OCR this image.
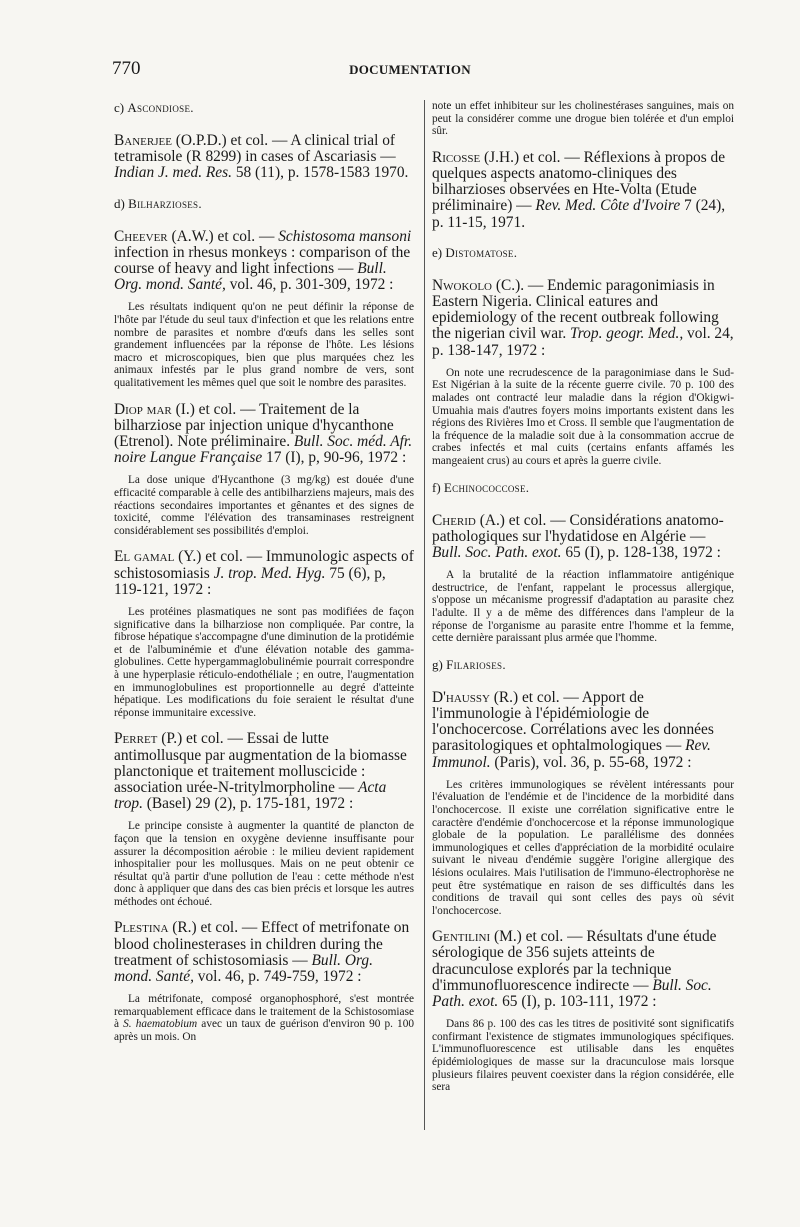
770	DOCUMENTATION
c) Ascondiose.

Banerjee (O.P.D.) et col. — A clinical trial of tetramisole (R 8299) in cases of Ascariasis — Indian J. med. Res. 58 (11), p. 1578-1583 1970.

d) Bilharzioses.

Cheever (A.W.) et col. — Schistosoma mansoni infection in rhesus monkeys : comparison of the course of heavy and light infections — Bull. Org. mond. Santé, vol. 46, p. 301-309, 1972 :

Les résultats indiquent qu'on ne peut définir la réponse de l'hôte par l'étude du seul taux d'infection et que les relations entre nombre de parasites et nombre d'œufs dans les selles sont grandement influencées par la réponse de l'hôte. Les lésions macro et microscopiques, bien que plus marquées chez les animaux infestés par le plus grand nombre de vers, sont qualitativement les mêmes quel que soit le nombre des parasites.

Diop mar (I.) et col. — Traitement de la bilharziose par injection unique d'hycanthone (Etrenol). Note préliminaire. Bull. Soc. méd. Afr. noire Langue Française 17 (I), p, 90-96, 1972 :

La dose unique d'Hycanthone (3 mg/kg) est douée d'une efficacité comparable à celle des antibilharziens majeurs, mais des réactions secondaires importantes et gênantes et des signes de toxicité, comme l'élévation des transaminases restreignent considérablement ses possibilités d'emploi.

El gamal (Y.) et col. — Immunologic aspects of schistosomiasis J. trop. Med. Hyg. 75 (6), p, 119-121, 1972 :

Les protéines plasmatiques ne sont pas modifiées de façon significative dans la bilharziose non compliquée. Par contre, la fibrose hépatique s'accompagne d'une diminution de la protidémie et de l'albuminémie et d'une élévation notable des gamma-globulines. Cette hypergammaglobulinémie pourrait correspondre à une hyperplasie réticulo-endothéliale ; en outre, l'augmentation en immunoglobulines est proportionnelle au degré d'atteinte hépatique. Les modifications du foie seraient le résultat d'une réponse immunitaire excessive.

Perret (P.) et col. — Essai de lutte antimollusque par augmentation de la biomasse planctonique et traitement molluscicide : association urée-N-tritylmorpholine — Acta trop. (Basel) 29 (2), p. 175-181, 1972 :

Le principe consiste à augmenter la quantité de plancton de façon que la tension en oxygène devienne insuffisante pour assurer la décomposition aérobie : le milieu devient rapidement inhospitalier pour les mollusques. Mais on ne peut obtenir ce résultat qu'à partir d'une pollution de l'eau : cette méthode n'est donc à appliquer que dans des cas bien précis et lorsque les autres méthodes ont échoué.

Plestina (R.) et col. — Effect of metrifonate on blood cholinesterases in children during the treatment of schistosomiasis — Bull. Org. mond. Santé, vol. 46, p. 749-759, 1972 :

La métrifonate, composé organophosphoré, s'est montrée remarquablement efficace dans le traitement de la Schistosomiase à S. haematobium avec un taux de guérison d'environ 90 p. 100 après un mois. On

note un effet inhibiteur sur les cholinestérases sanguines, mais on peut la considérer comme une drogue bien tolérée et d'un emploi sûr.

Ricosse (J.H.) et col. — Réflexions à propos de quelques aspects anatomo-cliniques des bilharzioses observées en Hte-Volta (Etude préliminaire) — Rev. Med. Côte d'Ivoire 7 (24), p. 11-15, 1971.

e) Distomatose.

Nwokolo (C.). — Endemic paragonimiasis in Eastern Nigeria. Clinical eatures and epidemiology of the recent outbreak following the nigerian civil war. Trop. geogr. Med., vol. 24, p. 138-147, 1972 :

On note une recrudescence de la paragonimiase dans le Sud-Est Nigérian à la suite de la récente guerre civile. 70 p. 100 des malades ont contracté leur maladie dans la région d'Okigwi-Umuahia mais d'autres foyers moins importants existent dans les régions des Rivières Imo et Cross. Il semble que l'augmentation de la fréquence de la maladie soit due à la consommation accrue de crabes infectés et mal cuits (certains enfants affamés les mangeaient crus) au cours et après la guerre civile.

f) Echinococcose.

Cherid (A.) et col. — Considérations anatomo-pathologiques sur l'hydatidose en Algérie — Bull. Soc. Path. exot. 65 (I), p. 128-138, 1972 :

A la brutalité de la réaction inflammatoire antigénique destructrice, de l'enfant, rappelant le processus allergique, s'oppose un mécanisme progressif d'adaptation au parasite chez l'adulte. Il y a de même des différences dans l'ampleur de la réponse de l'organisme au parasite entre l'homme et la femme, cette dernière paraissant plus armée que l'homme.

g) Filarioses.

D'haussy (R.) et col. — Apport de l'immunologie à l'épidémiologie de l'onchocercose. Corrélations avec les données parasitologiques et ophtalmologiques — Rev. Immunol. (Paris), vol. 36, p. 55-68, 1972 :

Les critères immunologiques se révèlent intéressants pour l'évaluation de l'endémie et de l'incidence de la morbidité dans l'onchocercose. Il existe une corrélation significative entre le caractère d'endémie d'onchocercose et la réponse immunologique globale de la population. Le parallélisme des données immunologiques et celles d'appréciation de la morbidité oculaire suivant le niveau d'endémie suggère l'origine allergique des lésions oculaires. Mais l'utilisation de l'immuno-électrophorèse ne peut être systématique en raison de ses difficultés dans les conditions de travail qui sont celles des pays où sévit l'onchocercose.

Gentilini (M.) et col. — Résultats d'une étude sérologique de 356 sujets atteints de dracunculose explorés par la technique d'immunofluorescence indirecte — Bull. Soc. Path. exot. 65 (I), p. 103-111, 1972 :

Dans 86 p. 100 des cas les titres de positivité sont significatifs confirmant l'existence de stigmates immunologiques spécifiques. L'immunofluorescence est utilisable dans les enquêtes épidémiologiques de masse sur la dracunculose mais lorsque plusieurs filaires peuvent coexister dans la région considérée, elle sera
